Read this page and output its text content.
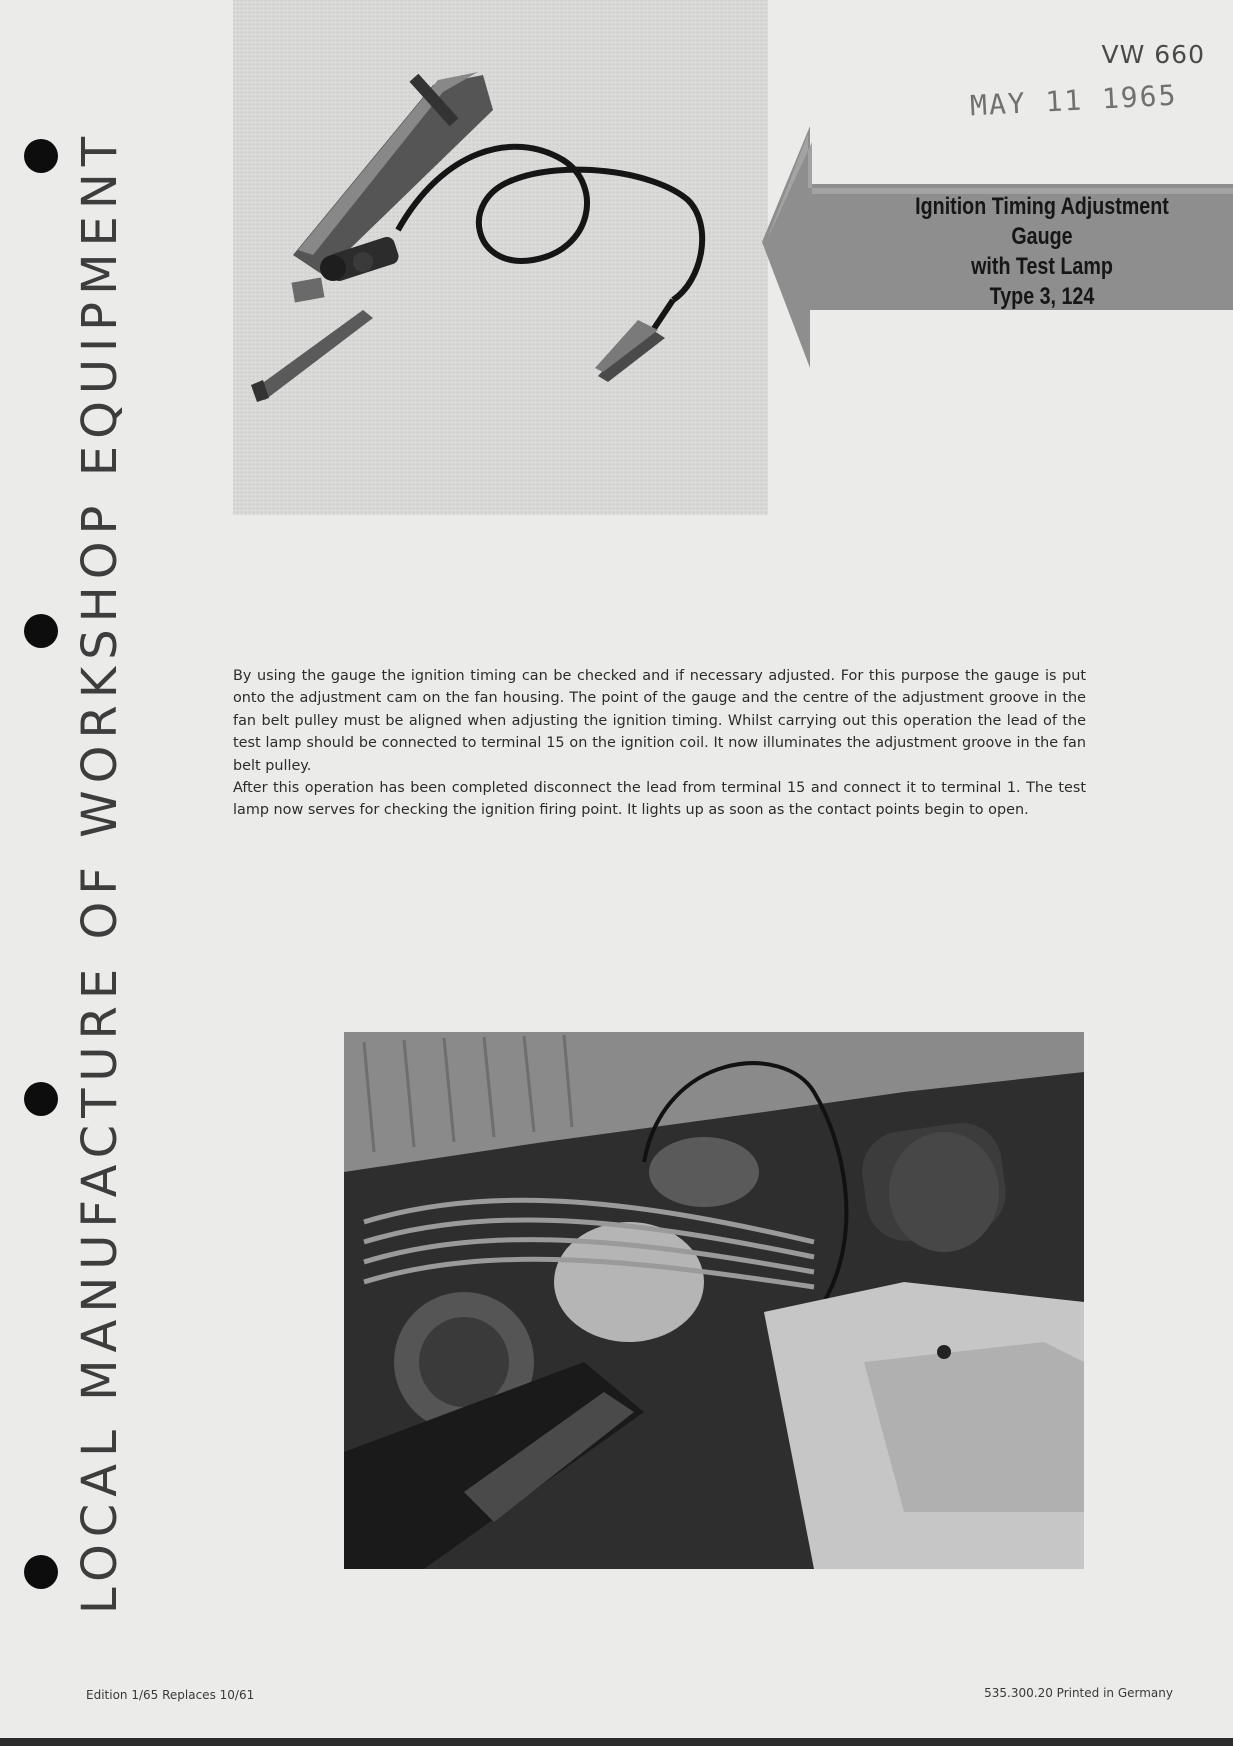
LOCAL MANUFACTURE OF WORKSHOP EQUIPMENT
VW 660
MAY 11 1965
Ignition Timing Adjustment Gauge
with Test Lamp
Type 3, 124

By using the gauge the ignition timing can be checked and if necessary adjusted. For this purpose the gauge is put onto the adjustment cam on the fan housing. The point of the gauge and the centre of the adjustment groove in the fan belt pulley must be aligned when adjusting the ignition timing. Whilst carrying out this operation the lead of the test lamp should be connected to terminal 15 on the ignition coil. It now illuminates the adjustment groove in the fan belt pulley.

After this operation has been completed disconnect the lead from terminal 15 and connect it to terminal 1. The test lamp now serves for checking the ignition firing point. It lights up as soon as the contact points begin to open.

Edition 1/65 Replaces 10/61	535.300.20 Printed in Germany
